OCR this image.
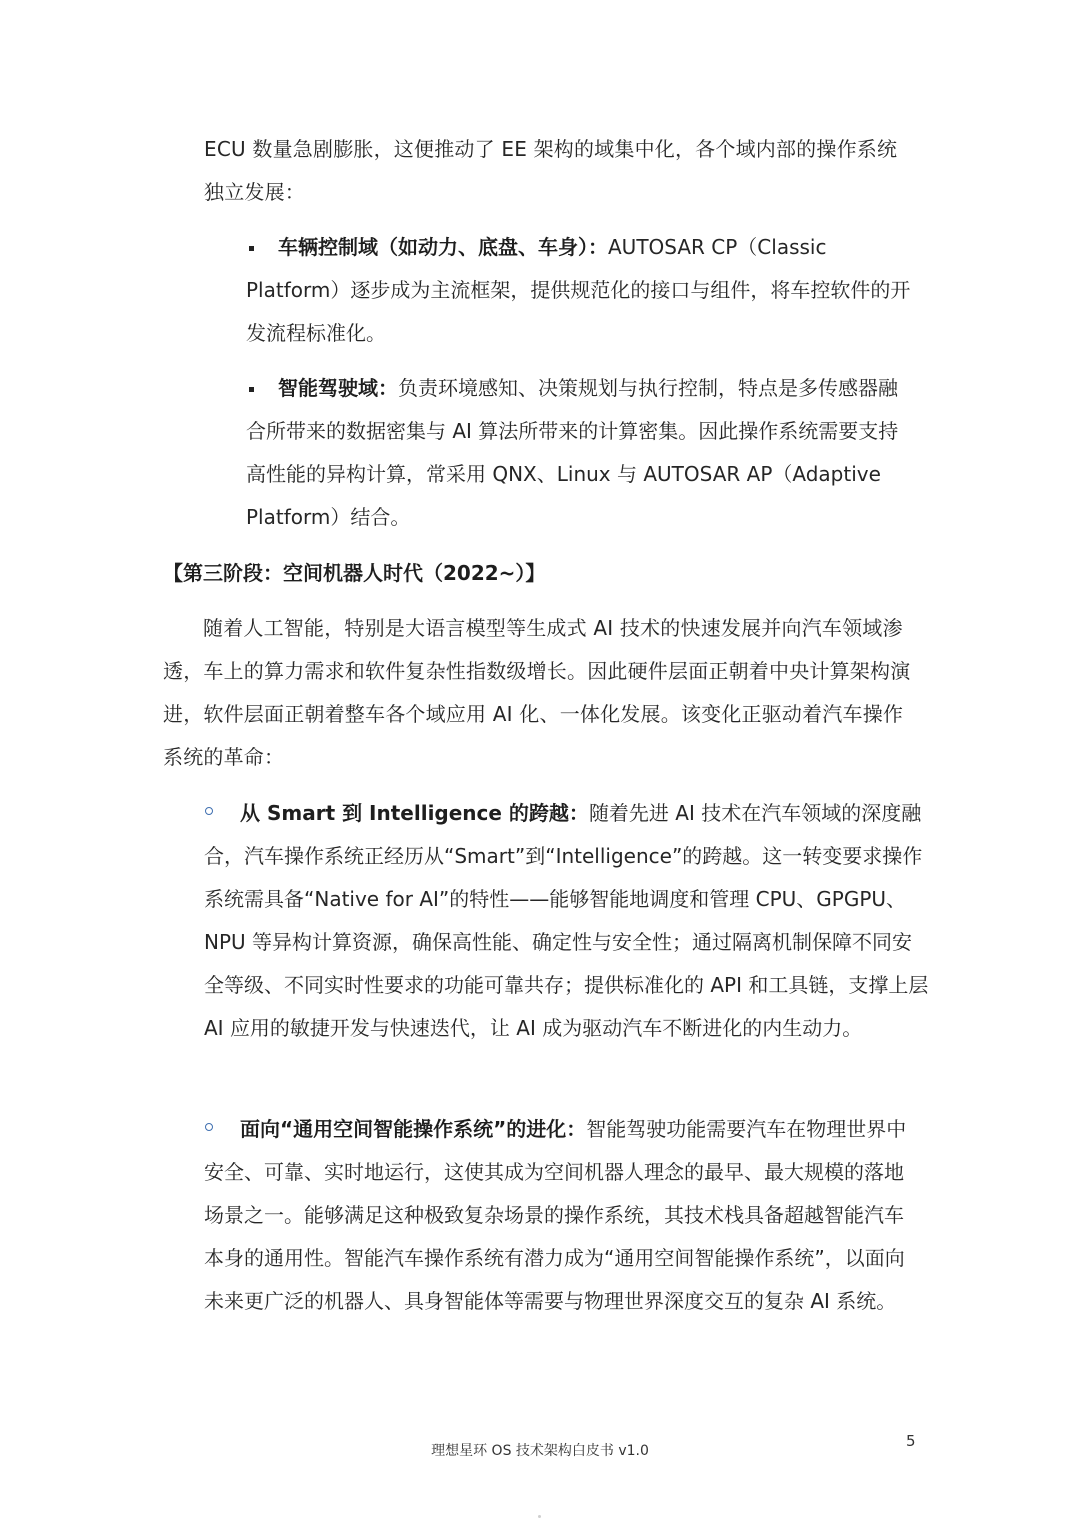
ECU 数量急剧膨胀，这便推动了 EE 架构的域集中化，各个域内部的操作系统独立发展：

车辆控制域（如动力、底盘、车身）：AUTOSAR CP（Classic Platform）逐步成为主流框架，提供规范化的接口与组件，将车控软件的开发流程标准化。

智能驾驶域：负责环境感知、决策规划与执行控制，特点是多传感器融合所带来的数据密集与 AI 算法所带来的计算密集。因此操作系统需要支持高性能的异构计算，常采用 QNX、Linux 与 AUTOSAR AP（Adaptive Platform）结合。

【第三阶段：空间机器人时代（2022~）】

随着人工智能，特别是大语言模型等生成式 AI 技术的快速发展并向汽车领域渗透，车上的算力需求和软件复杂性指数级增长。因此硬件层面正朝着中央计算架构演进，软件层面正朝着整车各个域应用 AI 化、一体化发展。该变化正驱动着汽车操作系统的革命：

从 Smart 到 Intelligence 的跨越：随着先进 AI 技术在汽车领域的深度融合，汽车操作系统正经历从“Smart”到“Intelligence”的跨越。这一转变要求操作系统需具备“Native for AI”的特性——能够智能地调度和管理 CPU、GPGPU、NPU 等异构计算资源，确保高性能、确定性与安全性；通过隔离机制保障不同安全等级、不同实时性要求的功能可靠共存；提供标准化的 API 和工具链，支撑上层 AI 应用的敏捷开发与快速迭代，让 AI 成为驱动汽车不断进化的内生动力。

面向“通用空间智能操作系统”的进化：智能驾驶功能需要汽车在物理世界中安全、可靠、实时地运行，这使其成为空间机器人理念的最早、最大规模的落地场景之一。能够满足这种极致复杂场景的操作系统，其技术栈具备超越智能汽车本身的通用性。智能汽车操作系统有潜力成为“通用空间智能操作系统”，以面向未来更广泛的机器人、具身智能体等需要与物理世界深度交互的复杂 AI 系统。

理想星环 OS 技术架构白皮书 v1.0
5
